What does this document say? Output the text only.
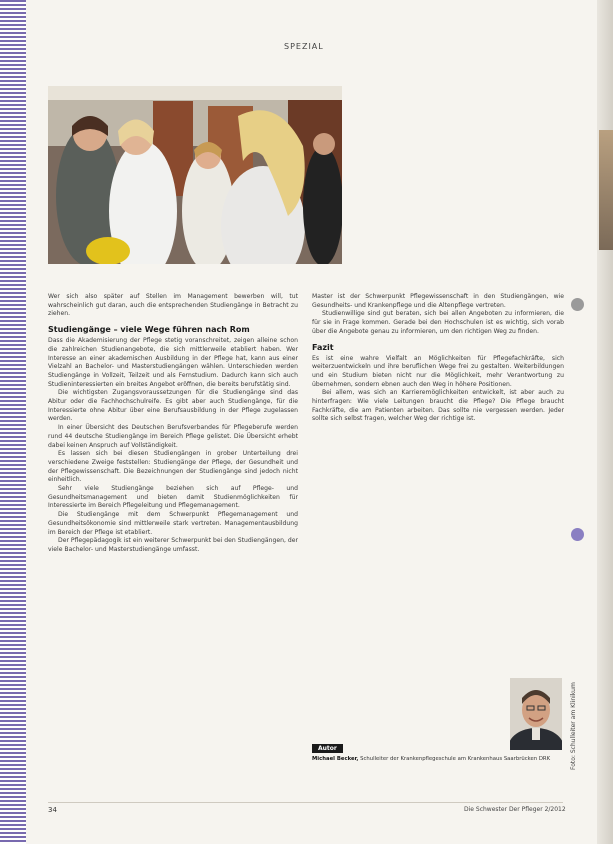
SPEZIAL

Wer sich also später auf Stellen im Management bewerben will, tut wahrscheinlich gut daran, auch die entsprechenden Studiengänge in Betracht zu ziehen.

Studiengänge – viele Wege führen nach Rom

Dass die Akademisierung der Pflege stetig voranschreitet, zeigen alleine schon die zahlreichen Studienangebote, die sich mittlerweile etabliert haben. Wer Interesse an einer akademischen Ausbildung in der Pflege hat, kann aus einer Vielzahl an Bachelor- und Masterstudiengängen wählen. Unterschieden werden Studiengänge in Vollzeit, Teilzeit und als Fernstudium. Dadurch kann sich auch Studieninteressierten ein breites Angebot eröffnen, die bereits berufstätig sind.

Die wichtigsten Zugangsvoraussetzungen für die Studiengänge sind das Abitur oder die Fachhochschulreife. Es gibt aber auch Studiengänge, für die Interessierte ohne Abitur über eine Berufsausbildung in der Pflege zugelassen werden.

In einer Übersicht des Deutschen Berufsverbandes für Pflegeberufe werden rund 44 deutsche Studiengänge im Bereich Pflege gelistet. Die Übersicht erhebt dabei keinen Anspruch auf Vollständigkeit.

Es lassen sich bei diesen Studiengängen in grober Unterteilung drei verschiedene Zweige feststellen: Studiengänge der Pflege, der Gesundheit und der Pflegewissenschaft. Die Bezeichnungen der Studiengänge sind jedoch nicht einheitlich.

Sehr viele Studiengänge beziehen sich auf Pflege- und Gesundheitsmanagement und bieten damit Studienmöglichkeiten für Interessierte im Bereich Pflegeleitung und Pflegemanagement.

Die Studiengänge mit dem Schwerpunkt Pflegemanagement und Gesundheitsökonomie sind mittlerweile stark vertreten. Managementausbildung im Bereich der Pflege ist etabliert.

Der Pflegepädagogik ist ein weiterer Schwerpunkt bei den Studiengängen, der viele Bachelor- und Masterstudiengänge umfasst.

Master ist der Schwerpunkt Pflegewissenschaft in den Studiengängen, wie Gesundheits- und Krankenpflege und die Altenpflege vertreten.

Studienwillige sind gut beraten, sich bei allen Angeboten zu informieren, die für sie in Frage kommen. Gerade bei den Hochschulen ist es wichtig, sich vorab über die Angebote genau zu informieren, um den richtigen Weg zu finden.

Fazit

Es ist eine wahre Vielfalt an Möglichkeiten für Pflegefachkräfte, sich weiterzuentwickeln und ihre beruflichen Wege frei zu gestalten. Weiterbildungen und ein Studium bieten nicht nur die Möglichkeit, mehr Verantwortung zu übernehmen, sondern ebnen auch den Weg in höhere Positionen.

Bei allem, was sich an Karrieremöglichkeiten entwickelt, ist aber auch zu hinterfragen: Wie viele Leitungen braucht die Pflege? Die Pflege braucht Fachkräfte, die am Patienten arbeiten. Das sollte nie vergessen werden. Jeder sollte sich selbst fragen, welcher Weg der richtige ist.

Autor
Michael Becker, Schulleiter der Krankenpflegeschule am Krankenhaus Saarbrücken DRK	Foto: Schulleiter am Klinikum
34	Die Schwester Der Pfleger 2/2012
